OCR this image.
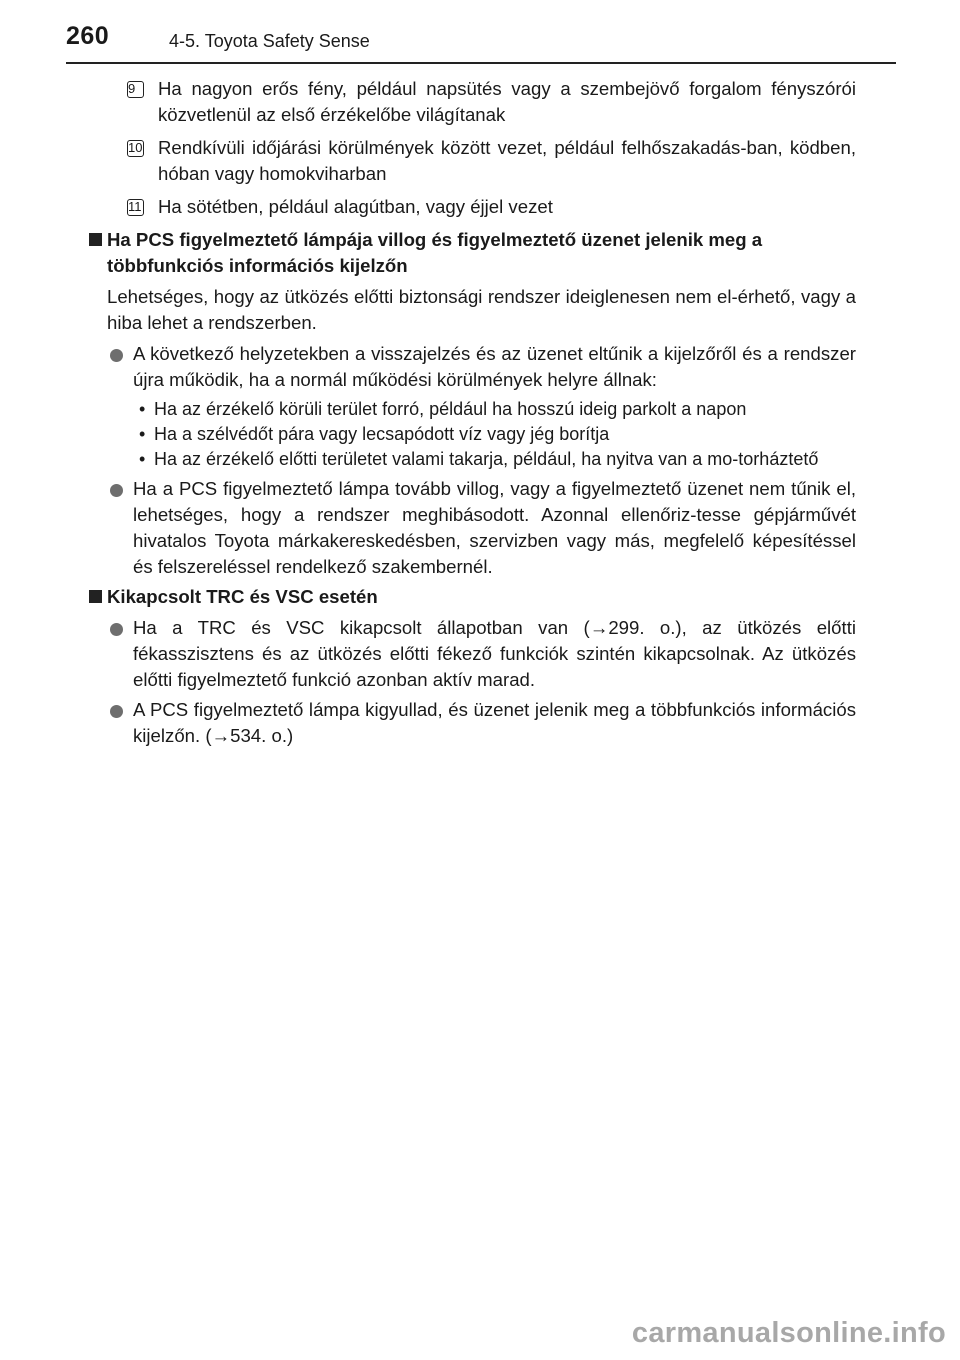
260	4-5. Toyota Safety Sense
9	Ha nagyon erős fény, például napsütés vagy a szembejövő forgalom fényszórói közvetlenül az első érzékelőbe világítanak
10 Rendkívüli időjárási körülmények között vezet, például felhőszakadás-ban, ködben, hóban vagy homokviharban
11 Ha sötétben, például alagútban, vagy éjjel vezet
Ha PCS figyelmeztető lámpája villog és figyelmeztető üzenet jelenik meg a többfunkciós információs kijelzőn
Lehetséges, hogy az ütközés előtti biztonsági rendszer ideiglenesen nem el-érhető, vagy a hiba lehet a rendszerben.
A következő helyzetekben a visszajelzés és az üzenet eltűnik a kijelzőről és a rendszer újra működik, ha a normál működési körülmények helyre állnak:
• Ha az érzékelő körüli terület forró, például ha hosszú ideig parkolt a napon
• Ha a szélvédőt pára vagy lecsapódott víz vagy jég borítja
• Ha az érzékelő előtti területet valami takarja, például, ha nyitva van a mo-torháztető
Ha a PCS figyelmeztető lámpa tovább villog, vagy a figyelmeztető üzenet nem tűnik el, lehetséges, hogy a rendszer meghibásodott. Azonnal ellenőriz-tesse gépjárművét hivatalos Toyota márkakereskedésben, szervizben vagy más, megfelelő képesítéssel és felszereléssel rendelkező szakembernél.
Kikapcsolt TRC és VSC esetén
Ha a TRC és VSC kikapcsolt állapotban van (→299. o.), az ütközés előtti fékasszisztens és az ütközés előtti fékező funkciók szintén kikapcsolnak. Az ütközés előtti figyelmeztető funkció azonban aktív marad.
A PCS figyelmeztető lámpa kigyullad, és üzenet jelenik meg a többfunkciós információs kijelzőn. (→534. o.)
carmanualsonline.info
